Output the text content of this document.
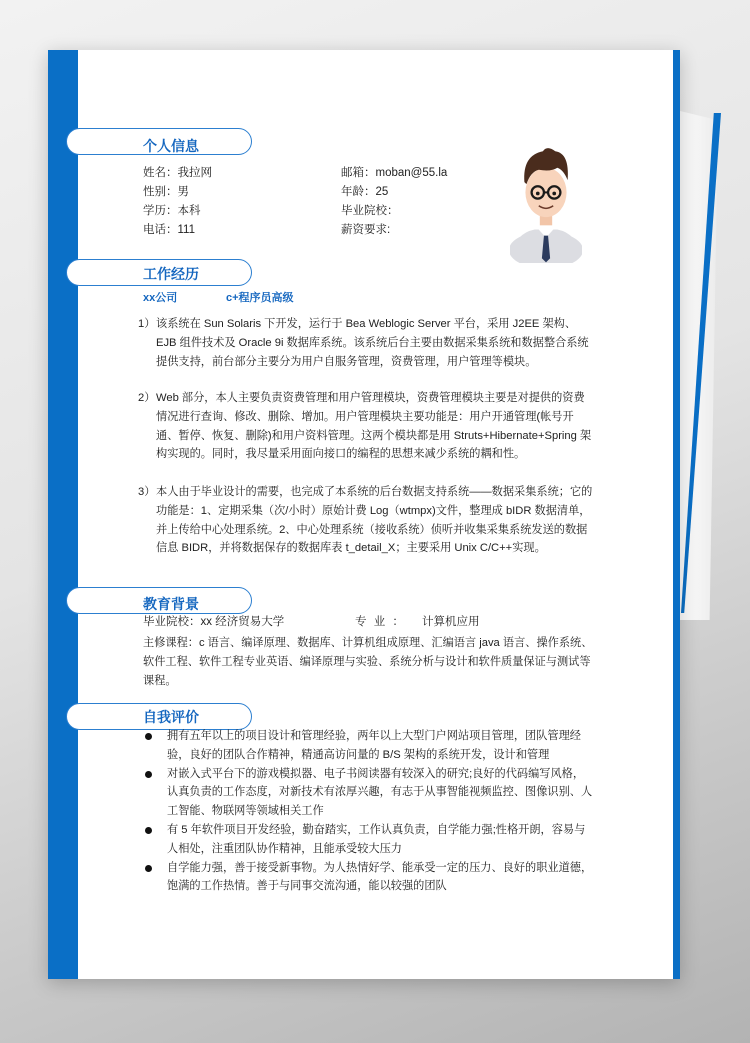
个人信息
姓名：我拉网
性别：男
学历：本科
电话：111
邮箱：moban@55.la
年龄：25
毕业院校：
薪资要求:
工作经历
xx公司	c+程序员高级
1） 该系统在 Sun Solaris 下开发，运行于 Bea Weblogic Server 平台，采用 J2EE 架构、EJB 组件技术及 Oracle 9i 数据库系统。该系统后台主要由数据采集系统和数据整合系统提供支持，前台部分主要分为用户自服务管理，资费管理，用户管理等模块。
2） Web 部分，本人主要负责资费管理和用户管理模块，资费管理模块主要是对提供的资费情况进行查询、修改、删除、增加。用户管理模块主要功能是：用户开通管理(帐号开通、暂停、恢复、删除)和用户资料管理。这两个模块都是用 Struts+Hibernate+Spring 架构实现的。同时，我尽量采用面向接口的编程的思想来减少系统的耦和性。
3） 本人由于毕业设计的需要，也完成了本系统的后台数据支持系统——数据采集系统；它的功能是：1、定期采集（次/小时）原始计费 Log（wtmpx)文件，整理成 bIDR 数据清单，并上传给中心处理系统。2、中心处理系统（接收系统）侦听并收集采集系统发送的数据信息 BIDR，并将数据保存的数据库表 t_detail_X；主要采用 Unix C/C++实现。
教育背景
毕业院校：xx 经济贸易大学	专 业 ： 计算机应用
主修课程：c 语言、编译原理、数据库、计算机组成原理、汇编语言 java 语言、操作系统、软件工程、软件工程专业英语、编译原理与实验、系统分析与设计和软件质量保证与测试等课程。
自我评价
拥有五年以上的项目设计和管理经验，两年以上大型门户网站项目管理，团队管理经验，良好的团队合作精神，精通高访问量的 B/S 架构的系统开发，设计和管理
对嵌入式平台下的游戏模拟器、电子书阅读器有较深入的研究;良好的代码编写风格，认真负责的工作态度，对新技术有浓厚兴趣，有志于从事智能视频监控、图像识别、人工智能、物联网等领域相关工作
有 5 年软件项目开发经验，勤奋踏实，工作认真负责，自学能力强;性格开朗，容易与人相处，注重团队协作精神，且能承受较大压力
自学能力强，善于接受新事物。为人热情好学、能承受一定的压力、良好的职业道德，饱满的工作热情。善于与同事交流沟通，能以较强的团队
